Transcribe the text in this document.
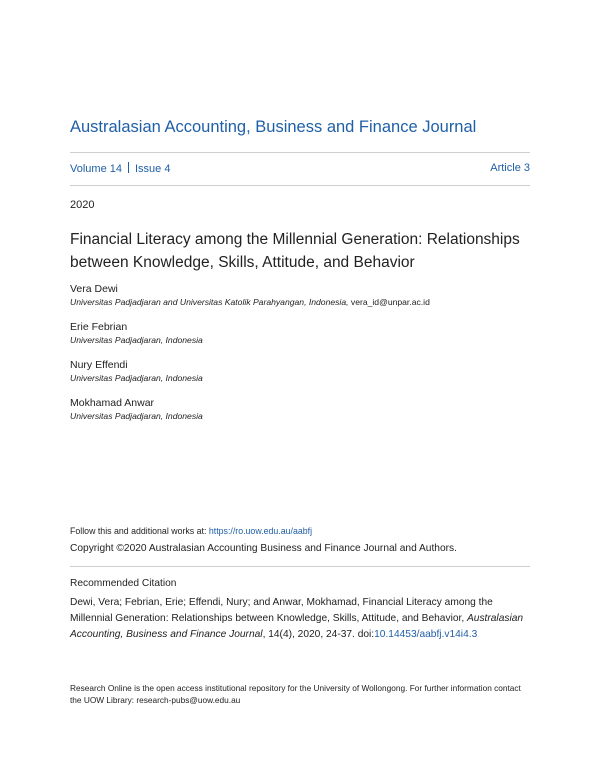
Australasian Accounting, Business and Finance Journal
Volume 14 Issue 4	Article 3
2020
Financial Literacy among the Millennial Generation: Relationships between Knowledge, Skills, Attitude, and Behavior
Vera Dewi
Universitas Padjadjaran and Universitas Katolik Parahyangan, Indonesia, vera_id@unpar.ac.id
Erie Febrian
Universitas Padjadjaran, Indonesia
Nury Effendi
Universitas Padjadjaran, Indonesia
Mokhamad Anwar
Universitas Padjadjaran, Indonesia
Follow this and additional works at: https://ro.uow.edu.au/aabfj
Copyright ©2020 Australasian Accounting Business and Finance Journal and Authors.
Recommended Citation
Dewi, Vera; Febrian, Erie; Effendi, Nury; and Anwar, Mokhamad, Financial Literacy among the Millennial Generation: Relationships between Knowledge, Skills, Attitude, and Behavior, Australasian Accounting, Business and Finance Journal, 14(4), 2020, 24-37. doi:10.14453/aabfj.v14i4.3
Research Online is the open access institutional repository for the University of Wollongong. For further information contact the UOW Library: research-pubs@uow.edu.au
